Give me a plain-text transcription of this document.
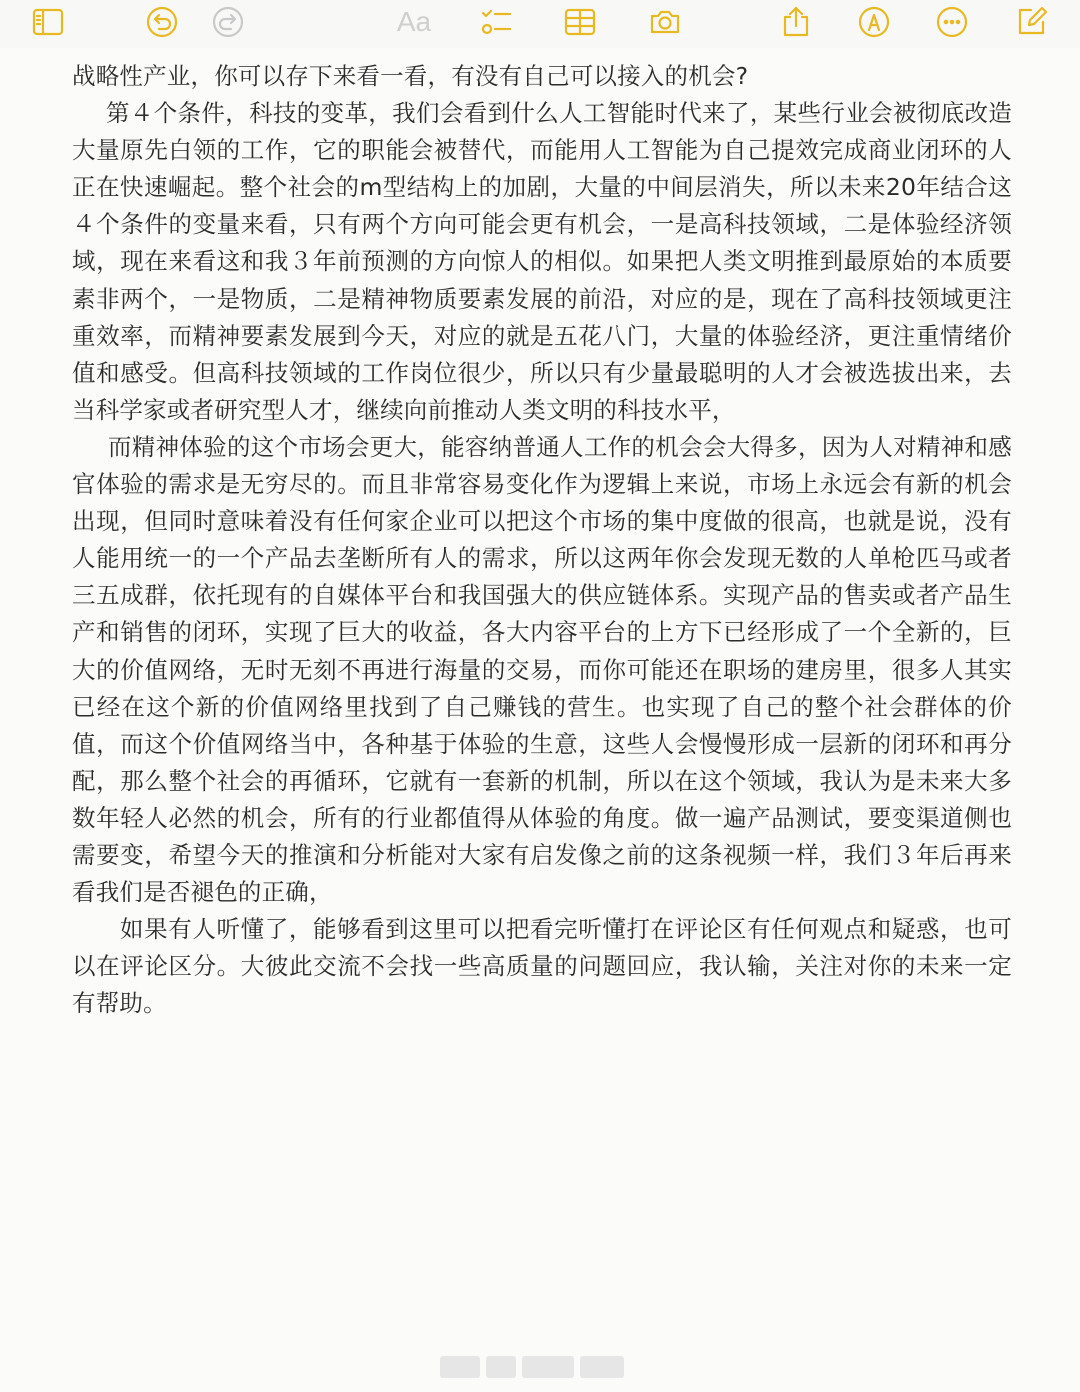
Aa

战略性产业，你可以存下来看一看，有没有自己可以接入的机会?

第４个条件，科技的变革，我们会看到什么人工智能时代来了，某些行业会被彻底改造大量原先白领的工作，它的职能会被替代，而能用人工智能为自己提效完成商业闭环的人正在快速崛起。整个社会的m型结构上的加剧，大量的中间层消失，所以未来20年结合这４个条件的变量来看，只有两个方向可能会更有机会，一是高科技领域，二是体验经济领域，现在来看这和我３年前预测的方向惊人的相似。如果把人类文明推到最原始的本质要素非两个，一是物质，二是精神物质要素发展的前沿，对应的是，现在了高科技领域更注重效率，而精神要素发展到今天，对应的就是五花八门，大量的体验经济，更注重情绪价值和感受。但高科技领域的工作岗位很少，所以只有少量最聪明的人才会被选拔出来，去当科学家或者研究型人才，继续向前推动人类文明的科技水平，

而精神体验的这个市场会更大，能容纳普通人工作的机会会大得多，因为人对精神和感官体验的需求是无穷尽的。而且非常容易变化作为逻辑上来说，市场上永远会有新的机会出现，但同时意味着没有任何家企业可以把这个市场的集中度做的很高，也就是说，没有人能用统一的一个产品去垄断所有人的需求，所以这两年你会发现无数的人单枪匹马或者三五成群，依托现有的自媒体平台和我国强大的供应链体系。实现产品的售卖或者产品生产和销售的闭环，实现了巨大的收益，各大内容平台的上方下已经形成了一个全新的，巨大的价值网络，无时无刻不再进行海量的交易，而你可能还在职场的建房里，很多人其实已经在这个新的价值网络里找到了自己赚钱的营生。也实现了自己的整个社会群体的价值，而这个价值网络当中，各种基于体验的生意，这些人会慢慢形成一层新的闭环和再分配，那么整个社会的再循环，它就有一套新的机制，所以在这个领域，我认为是未来大多数年轻人必然的机会，所有的行业都值得从体验的角度。做一遍产品测试，要变渠道侧也需要变，希望今天的推演和分析能对大家有启发像之前的这条视频一样，我们３年后再来看我们是否褪色的正确，

如果有人听懂了，能够看到这里可以把看完听懂打在评论区有任何观点和疑惑，也可以在评论区分。大彼此交流不会找一些高质量的问题回应，我认输，关注对你的未来一定有帮助。
